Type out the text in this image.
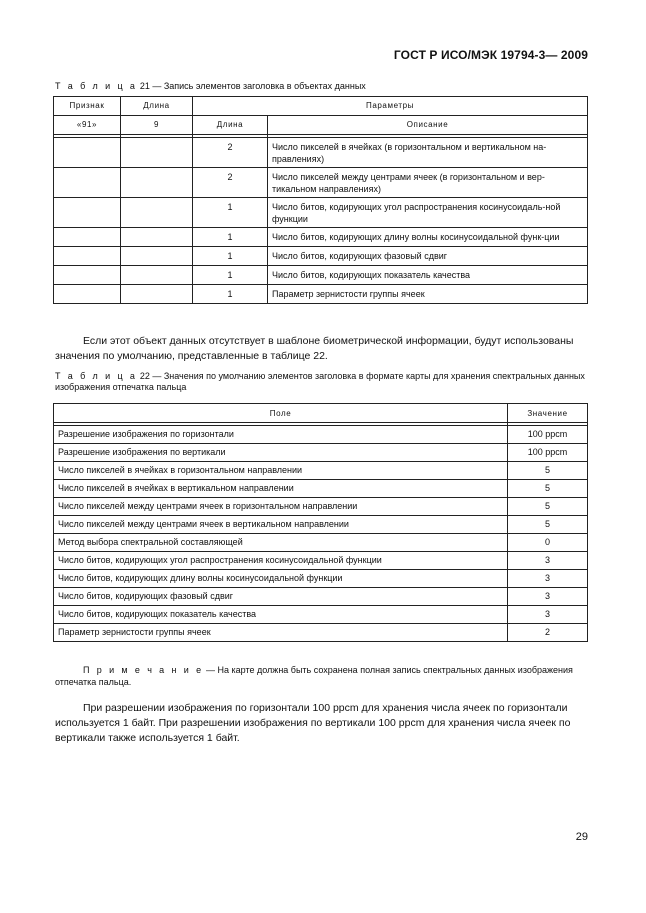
ГОСТ Р ИСО/МЭК 19794-3— 2009
Т а б л и ц а 21 — Запись элементов заголовка в объектах данных
Признак	Длина	Параметры	
«91»	9	Длина	Описание

		2	Число пикселей в ячейках (в горизонтальном и вертикальном на-правлениях)
		2	Число пикселей между центрами ячеек (в горизонтальном и вер-тикальном направлениях)
		1	Число битов, кодирующих угол распространения косинусоидаль-ной функции
		1	Число битов, кодирующих длину волны косинусоидальной функ-ции
		1	Число битов, кодирующих фазовый сдвиг
		1	Число битов, кодирующих показатель качества
		1	Параметр зернистости группы ячеек
Если этот объект данных отсутствует в шаблоне биометрической информации, будут использованы значения по умолчанию, представленные в таблице 22.
Т а б л и ц а 22 — Значения по умолчанию элементов заголовка в формате карты для хранения спектральных данных изображения отпечатка пальца
Поле	Значение

Разрешение изображения по горизонтали	100 ppcm
Разрешение изображения по вертикали	100 ppcm
Число пикселей в ячейках в горизонтальном направлении	5
Число пикселей в ячейках в вертикальном направлении	5
Число пикселей между центрами ячеек в горизонтальном направлении	5
Число пикселей между центрами ячеек в вертикальном направлении	5
Метод выбора спектральной составляющей	0
Число битов, кодирующих угол распространения косинусоидальной функции	3
Число битов, кодирующих длину волны косинусоидальной функции	3
Число битов, кодирующих фазовый сдвиг	3
Число битов, кодирующих показатель качества	3
Параметр зернистости группы ячеек	2
П р и м е ч а н и е — На карте должна быть сохранена полная запись спектральных данных изображения отпечатка пальца.
При разрешении изображения по горизонтали 100 ppcm для хранения числа ячеек по горизонтали используется 1 байт. При разрешении изображения по вертикали 100 ppcm для хранения числа ячеек по вертикали также используется 1 байт.
29
